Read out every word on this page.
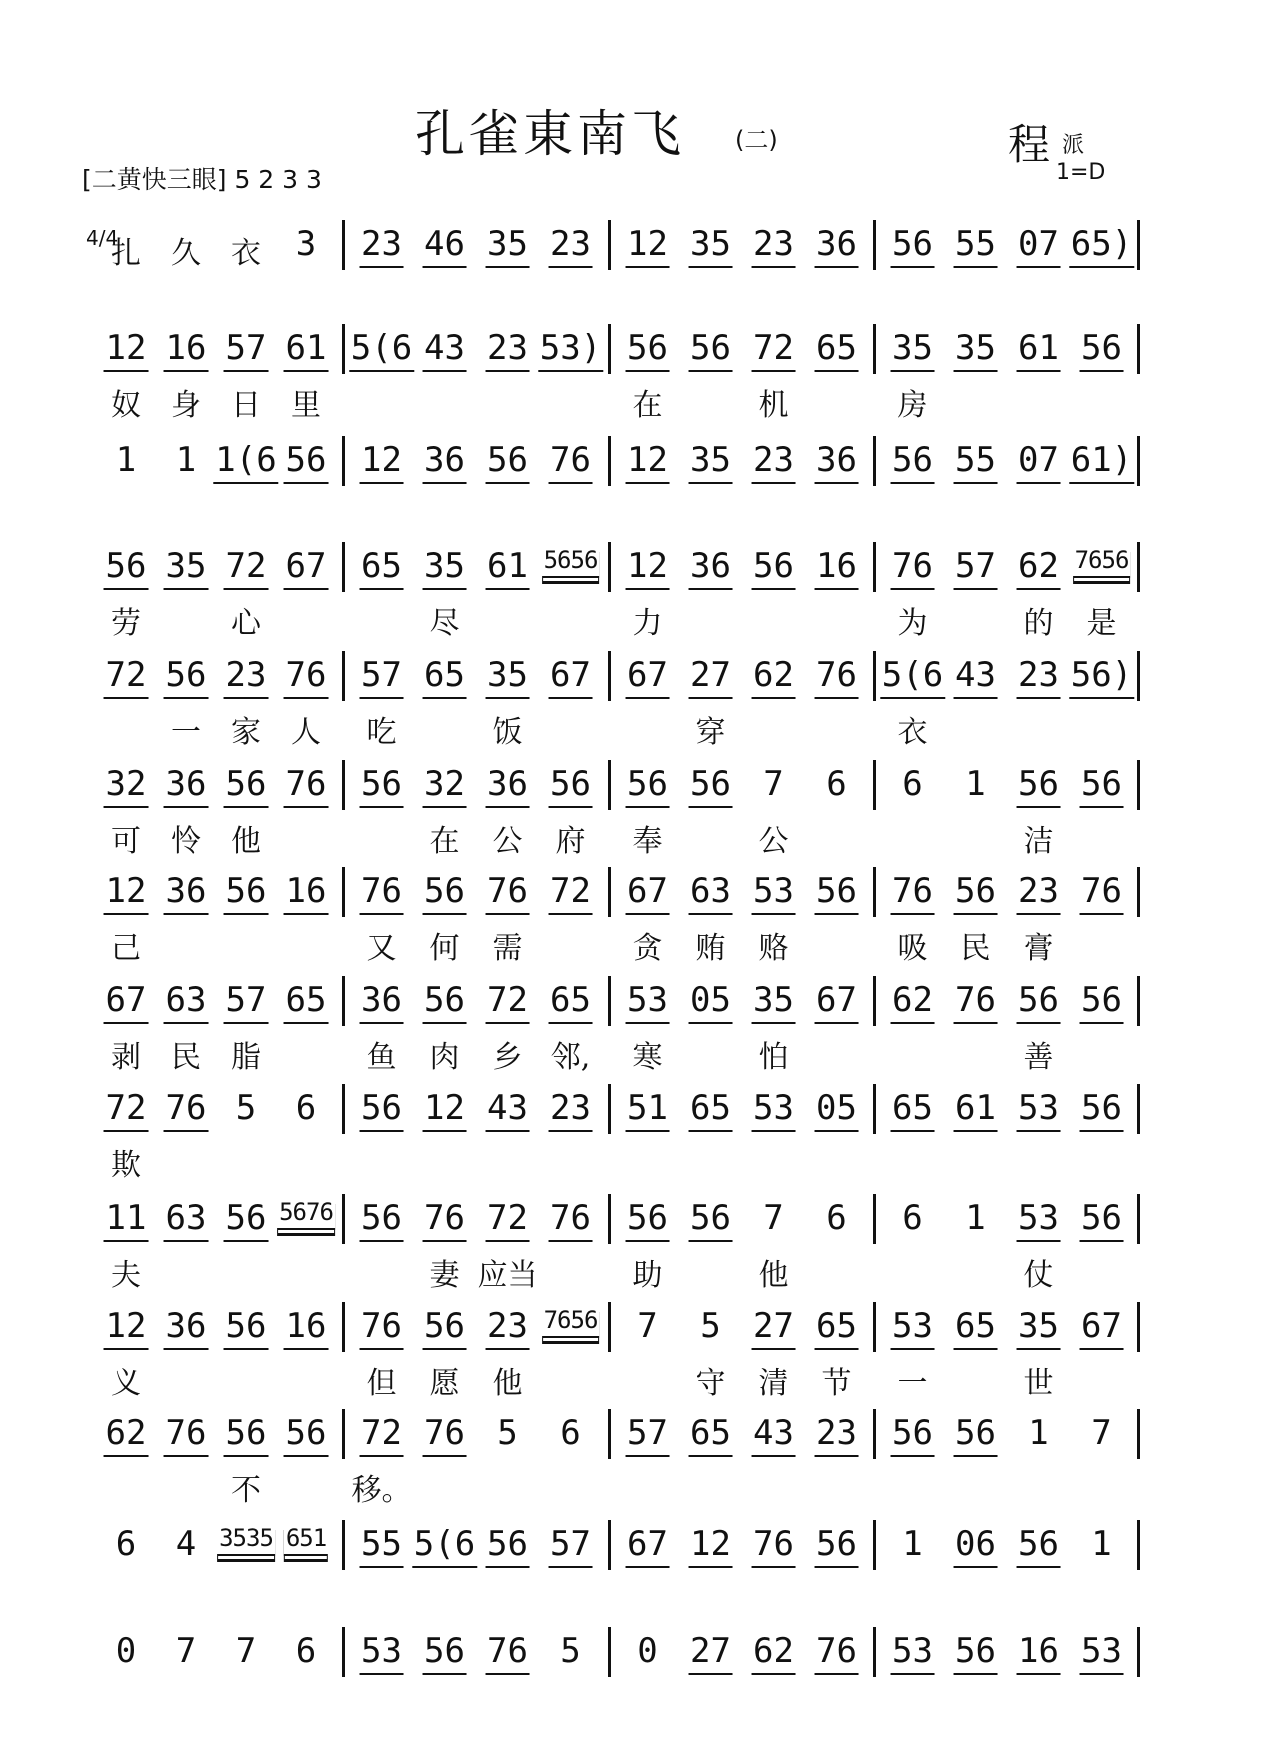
孔雀東南飞 (二)	程 派
[二黄快三眼] 5 2 3 3	1=D
4/4
扎 久 衣 3 23 46 35 23 12 35 23 36 56 55 07 65)
12 16 57 61 5(6 43 23 53) 56 56 72 65 35 35 61 56
奴 身 日 里	在	机	房
1 1 1(6 56 12 36 56 76 12 35 23 36 56 55 07 61)
56 35 72 67 65 35 61 5656 12 36 56 16 76 57 62 7656
劳	心	尽	力	为	的 是
72 56 23 76 57 65 35 67 67 27 62 76 5(6 43 23 56)
一 家 人 吃	饭	穿	衣
32 36 56 76 56 32 36 56 56 56 7 6 6 1 56 56
可 怜 他	在 公 府 奉	公	洁
12 36 56 16 76 56 76 72 67 63 53 56 76 56 23 76
己	又 何 需	贪 贿 赂	吸 民 膏
67 63 57 65 36 56 72 65 53 05 35 67 62 76 56 56
剥 民 脂	鱼 肉 乡 邻, 寒	怕	善
72 76 5 6 56 12 43 23 51 65 53 05 65 61 53 56
欺
11 63 56 5676 56 76 72 76 56 56 7 6 6 1 53 56
夫	妻 应当	助	他	仗
12 36 56 16 76 56 23 7656 7 5 27 65 53 65 35 67
义	但 愿 他	守 清 节 一	世
62 76 56 56 72 76 5 6 57 65 43 23 56 56 1 7
不	移。
6 4 3535 651 55 5(6 56 57 67 12 76 56 1 06 56 1
0 7 7 6 53 56 76 5 0 27 62 76 53 56 16 53
